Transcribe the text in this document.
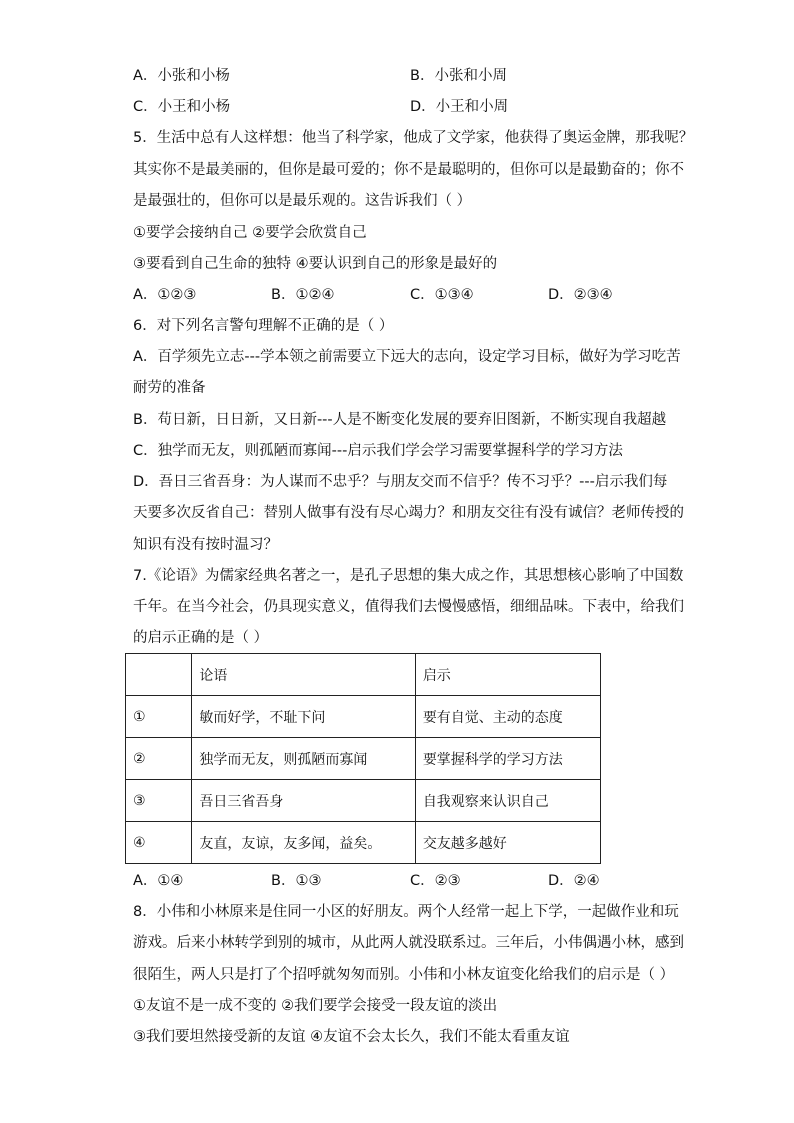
A．小张和小杨	B．小张和小周
C．小王和小杨	D．小王和小周
5．生活中总有人这样想：他当了科学家，他成了文学家，他获得了奥运金牌，那我呢？
其实你不是最美丽的，但你是最可爱的；你不是最聪明的，但你可以是最勤奋的；你不
是最强壮的，但你可以是最乐观的。这告诉我们（ ）
①要学会接纳自己 ②要学会欣赏自己
③要看到自己生命的独特 ④要认识到自己的形象是最好的
A．①②③	B．①②④	C．①③④	D．②③④
6．对下列名言警句理解不正确的是（ ）
A．百学须先立志---学本领之前需要立下远大的志向，设定学习目标，做好为学习吃苦
耐劳的准备
B．苟日新，日日新，又日新---人是不断变化发展的要弃旧图新，不断实现自我超越
C．独学而无友，则孤陋而寡闻---启示我们学会学习需要掌握科学的学习方法
D．吾日三省吾身：为人谋而不忠乎？与朋友交而不信乎？传不习乎？---启示我们每
天要多次反省自己：替别人做事有没有尽心竭力？和朋友交往有没有诚信？老师传授的
知识有没有按时温习？
7.《论语》为儒家经典名著之一，是孔子思想的集大成之作，其思想核心影响了中国数
千年。在当今社会，仍具现实意义，值得我们去慢慢感悟，细细品味。下表中，给我们
的启示正确的是（ ）
	论语	启示
①	敏而好学，不耻下问	要有自觉、主动的态度
②	独学而无友，则孤陋而寡闻	要掌握科学的学习方法
③	吾日三省吾身	自我观察来认识自己
④	友直，友谅，友多闻，益矣。	交友越多越好
A．①④	B．①③	C．②③	D．②④
8．小伟和小林原来是住同一小区的好朋友。两个人经常一起上下学，一起做作业和玩
游戏。后来小林转学到别的城市，从此两人就没联系过。三年后，小伟偶遇小林，感到
很陌生，两人只是打了个招呼就匆匆而别。小伟和小林友谊变化给我们的启示是（ ）
①友谊不是一成不变的 ②我们要学会接受一段友谊的淡出
③我们要坦然接受新的友谊 ④友谊不会太长久，我们不能太看重友谊
